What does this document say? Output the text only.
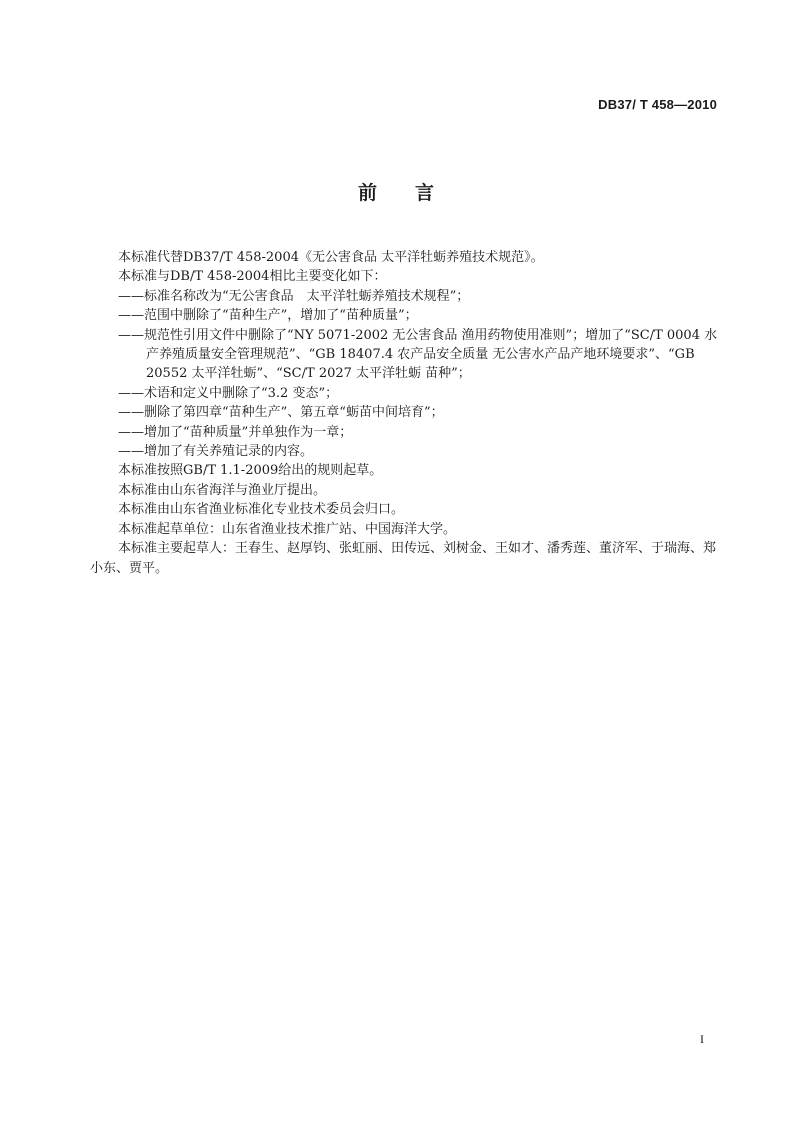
DB37/ T 458—2010
前 言

本标准代替DB37/T 458-2004《无公害食品 太平洋牡蛎养殖技术规范》。

本标准与DB/T 458-2004相比主要变化如下：

——标准名称改为“无公害食品　太平洋牡蛎养殖技术规程”；

——范围中删除了“苗种生产”，增加了“苗种质量”；

——规范性引用文件中删除了“NY 5071-2002 无公害食品 渔用药物使用准则”；增加了“SC/T 0004 水产养殖质量安全管理规范”、“GB 18407.4 农产品安全质量 无公害水产品产地环境要求”、“GB 20552 太平洋牡蛎”、“SC/T 2027 太平洋牡蛎 苗种”；

——术语和定义中删除了“3.2 变态”；

——删除了第四章“苗种生产”、第五章“蛎苗中间培育”；

——增加了“苗种质量”并单独作为一章；

——增加了有关养殖记录的内容。

本标准按照GB/T 1.1-2009给出的规则起草。

本标准由山东省海洋与渔业厅提出。

本标准由山东省渔业标准化专业技术委员会归口。

本标准起草单位：山东省渔业技术推广站、中国海洋大学。

本标准主要起草人：王春生、赵厚钧、张虹丽、田传远、刘树金、王如才、潘秀莲、董济军、于瑞海、郑小东、贾平。

I
